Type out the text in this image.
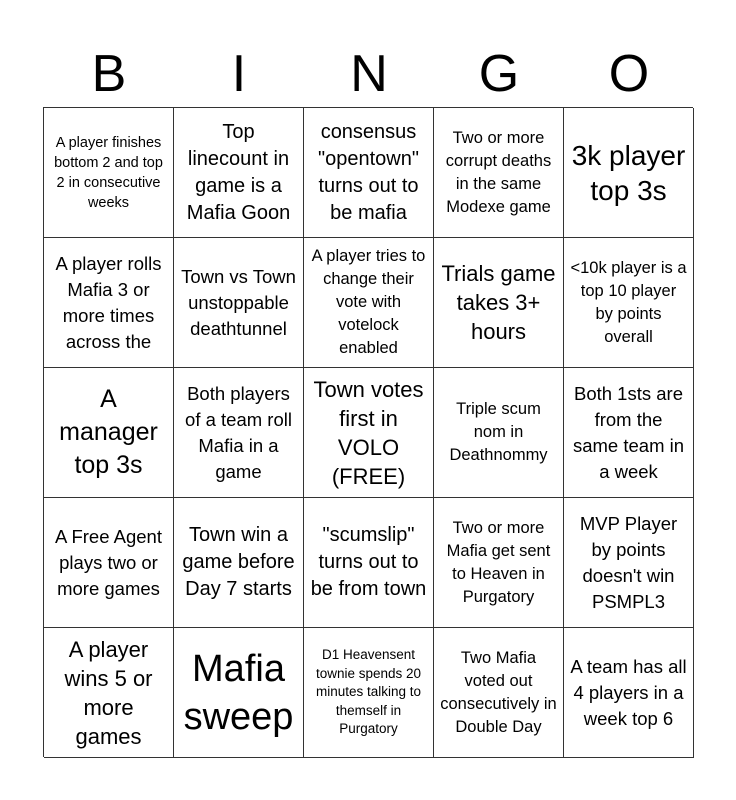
B	I	N	G	O
A player finishes bottom 2 and top 2 in consecutive weeks
Top linecount in game is a Mafia Goon
consensus "opentown" turns out to be mafia
Two or more corrupt deaths in the same Modexe game
3k player top 3s
A player rolls Mafia 3 or more times across the
Town vs Town unstoppable deathtunnel
A player tries to change their vote with votelock enabled
Trials game takes 3+ hours
<10k player is a top 10 player by points overall
A manager top 3s
Both players of a team roll Mafia in a game
Town votes first in VOLO (FREE)
Triple scum nom in Deathnommy
Both 1sts are from the same team in a week
A Free Agent plays two or more games
Town win a game before Day 7 starts
"scumslip" turns out to be from town
Two or more Mafia get sent to Heaven in Purgatory
MVP Player by points doesn't win PSMPL3
A player wins 5 or more games
Mafia sweep
D1 Heavensent townie spends 20 minutes talking to themself in Purgatory
Two Mafia voted out consecutively in Double Day
A team has all 4 players in a week top 6
